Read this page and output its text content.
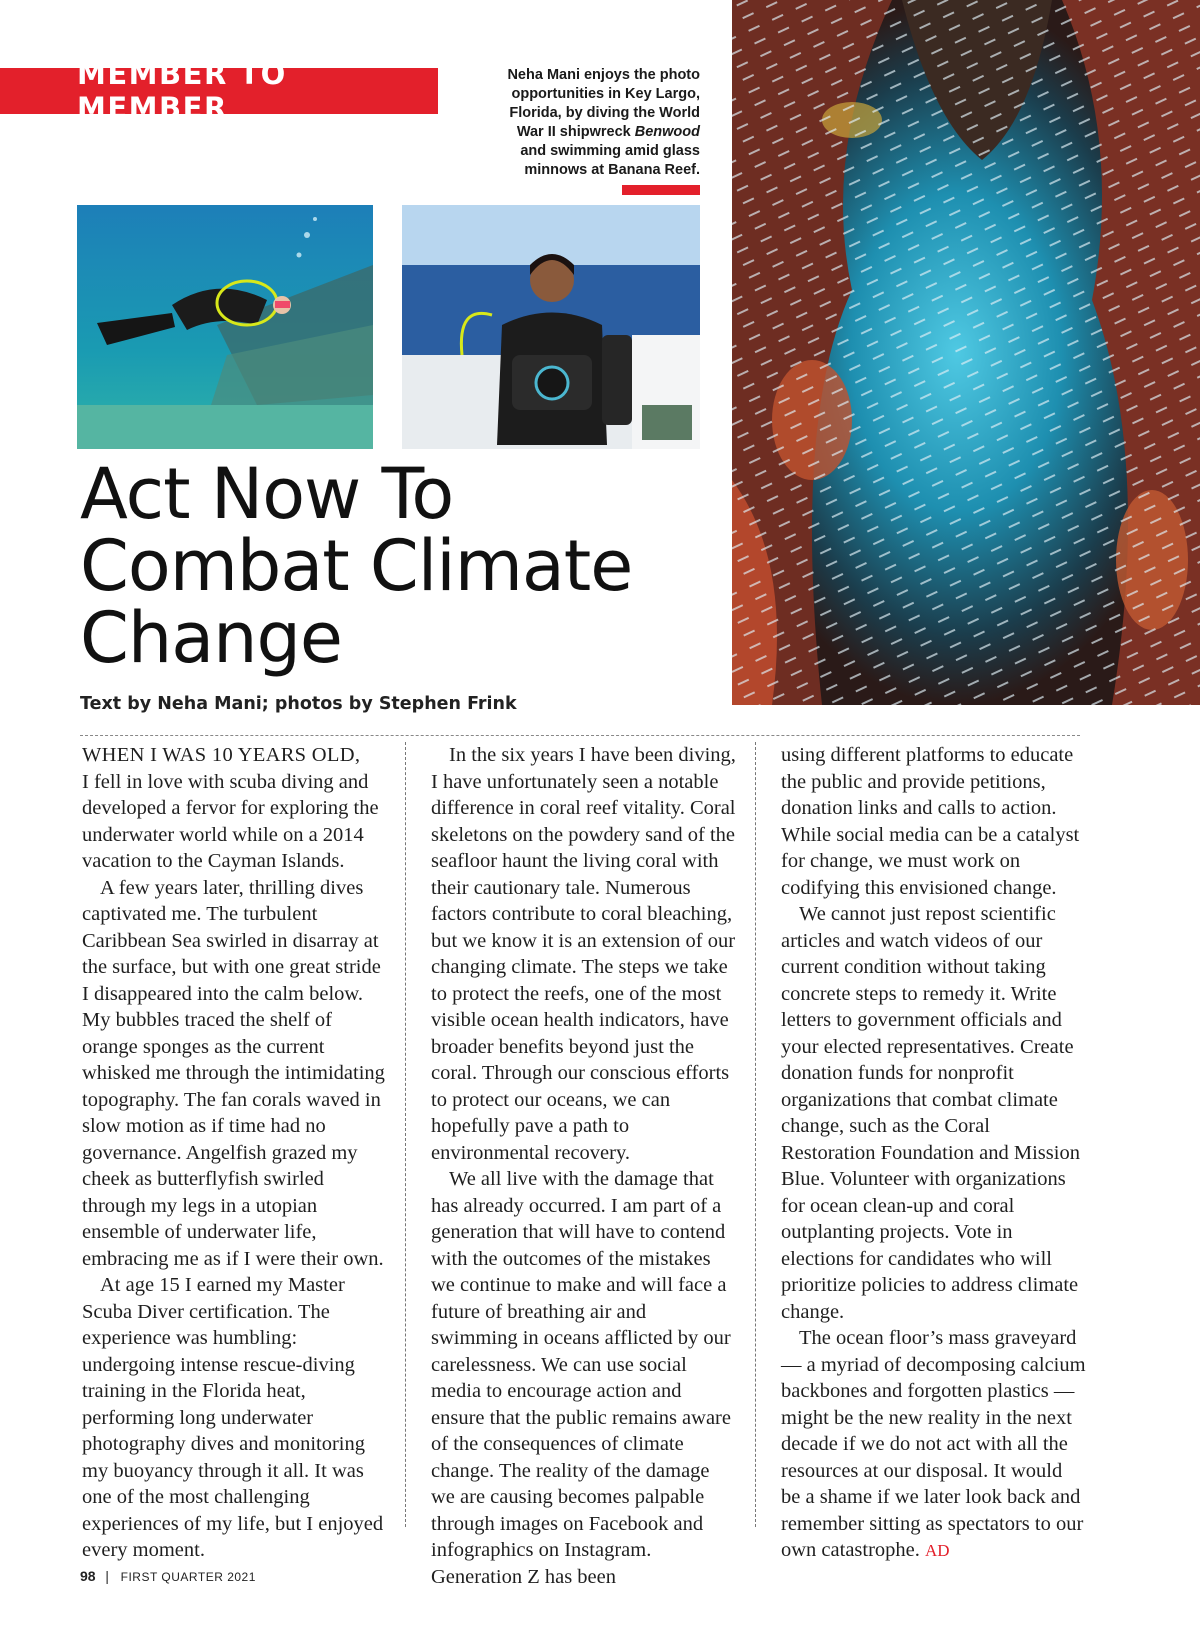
MEMBER TO MEMBER
Neha Mani enjoys the photo
opportunities in Key Largo,
Florida, by diving the World
War II shipwreck Benwood
and swimming amid glass
minnows at Banana Reef.
Act Now To
Combat Climate
Change
Text by Neha Mani; photos by Stephen Frink

WHEN I WAS 10 YEARS OLD,
I fell in love with scuba diving and developed a fervor for exploring the underwater world while on a 2014 vacation to the Cayman Islands.

A few years later, thrilling dives captivated me. The turbulent Caribbean Sea swirled in disarray at the surface, but with one great stride I disappeared into the calm below. My bubbles traced the shelf of orange sponges as the current whisked me through the intimidating topography. The fan corals waved in slow motion as if time had no governance. Angelfish grazed my cheek as butterflyfish swirled through my legs in a utopian ensemble of underwater life, embracing me as if I were their own.

At age 15 I earned my Master Scuba Diver certification. The experience was humbling: undergoing intense rescue-diving training in the Florida heat, performing long underwater photography dives and monitoring my buoyancy through it all. It was one of the most challenging experiences of my life, but I enjoyed every moment.

In the six years I have been diving, I have unfortunately seen a notable difference in coral reef vitality. Coral skeletons on the powdery sand of the seafloor haunt the living coral with their cautionary tale. Numerous factors contribute to coral bleaching, but we know it is an extension of our changing climate. The steps we take to protect the reefs, one of the most visible ocean health indicators, have broader benefits beyond just the coral. Through our conscious efforts to protect our oceans, we can hopefully pave a path to environmental recovery.

We all live with the damage that has already occurred. I am part of a generation that will have to contend with the outcomes of the mistakes we continue to make and will face a future of breathing air and swimming in oceans afflicted by our carelessness. We can use social media to encourage action and ensure that the public remains aware of the consequences of climate change. The reality of the damage we are causing becomes palpable through images on Facebook and infographics on Instagram. Generation Z has been

using different platforms to educate the public and provide petitions, donation links and calls to action. While social media can be a catalyst for change, we must work on codifying this envisioned change.

We cannot just repost scientific articles and watch videos of our current condition without taking concrete steps to remedy it. Write letters to government officials and your elected representatives. Create donation funds for nonprofit organizations that combat climate change, such as the Coral Restoration Foundation and Mission Blue. Volunteer with organizations for ocean clean-up and coral outplanting projects. Vote in elections for candidates who will prioritize policies to address climate change.

The ocean floor’s mass graveyard — a myriad of decomposing calcium backbones and forgotten plastics — might be the new reality in the next decade if we do not act with all the resources at our disposal. It would be a shame if we later look back and remember sitting as spectators to our own catastrophe. AD

98 | FIRST QUARTER 2021
